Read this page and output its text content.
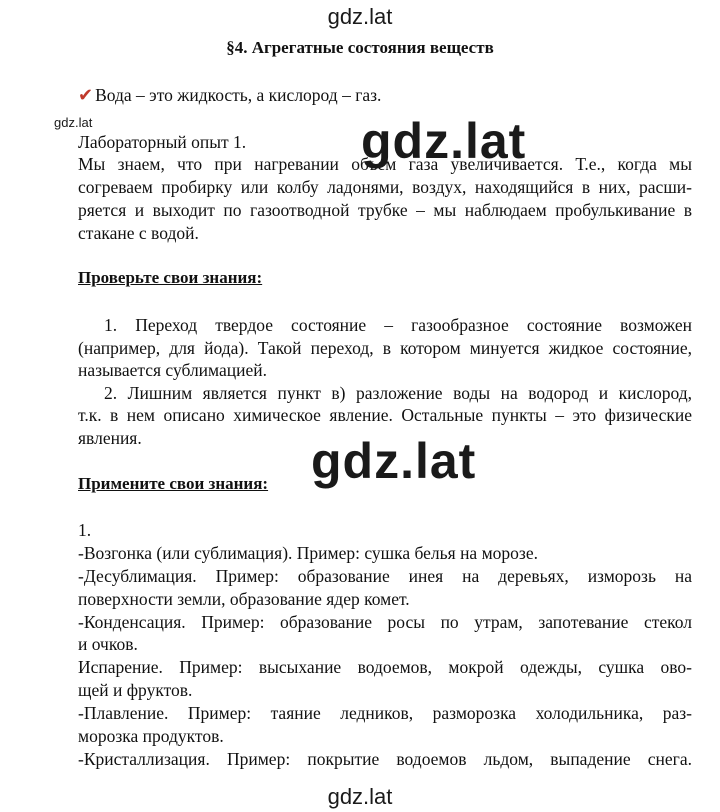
gdz.lat
§4. Агрегатные состояния веществ
✔ Вода – это жидкость, а кислород – газ.
gdz.lat
Лабораторный опыт 1.
Мы знаем, что при нагревании объем газа увеличивается. Т.е., когда мы
согреваем пробирку или колбу ладонями, воздух, находящийся в них, расши-
ряется и выходит по газоотводной трубке – мы наблюдаем пробулькивание в
стакане с водой.
gdz.lat
Проверьте свои знания:
1. Переход твердое состояние – газообразное состояние возможен
(например, для йода). Такой переход, в котором минуется жидкое состояние,
называется сублимацией.
2. Лишним является пункт в) разложение воды на водород и кислород,
т.к. в нем описано химическое явление. Остальные пункты – это физические
явления.	gdz.lat
Примените свои знания:
1.
-Возгонка (или сублимация). Пример: сушка белья на морозе.
-Десублимация. Пример: образование инея на деревьях, изморозь на
поверхности земли, образование ядер комет.
-Конденсация. Пример: образование росы по утрам, запотевание стекол
и очков.
Испарение. Пример: высыхание водоемов, мокрой одежды, сушка ово-
щей и фруктов.
-Плавление. Пример: таяние ледников, разморозка холодильника, раз-
морозка продуктов.
-Кристаллизация. Пример: покрытие водоемов льдом, выпадение снега.
gdz.lat
